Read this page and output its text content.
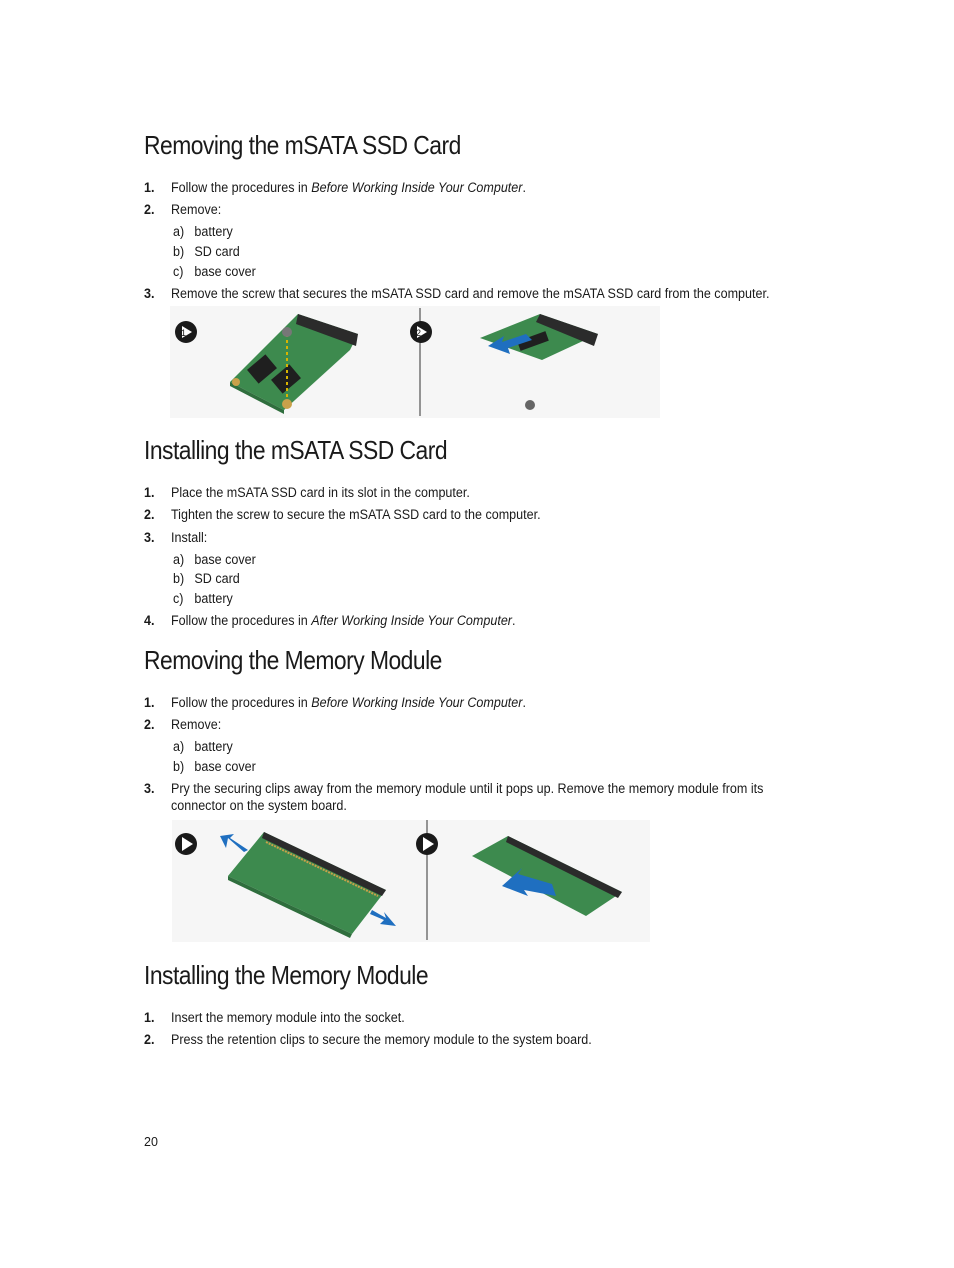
Removing the mSATA SSD Card
1. Follow the procedures in Before Working Inside Your Computer.
2. Remove:
a) battery
b) SD card
c) base cover
3. Remove the screw that secures the mSATA SSD card and remove the mSATA SSD card from the computer.
1	2
Installing the mSATA SSD Card
1. Place the mSATA SSD card in its slot in the computer.
2. Tighten the screw to secure the mSATA SSD card to the computer.
3. Install:
a) base cover
b) SD card
c) battery
4. Follow the procedures in After Working Inside Your Computer.
Removing the Memory Module
1. Follow the procedures in Before Working Inside Your Computer.
2. Remove:
a) battery
b) base cover
3. Pry the securing clips away from the memory module until it pops up. Remove the memory module from its
connector on the system board.
Installing the Memory Module
1. Insert the memory module into the socket.
2. Press the retention clips to secure the memory module to the system board.
20
